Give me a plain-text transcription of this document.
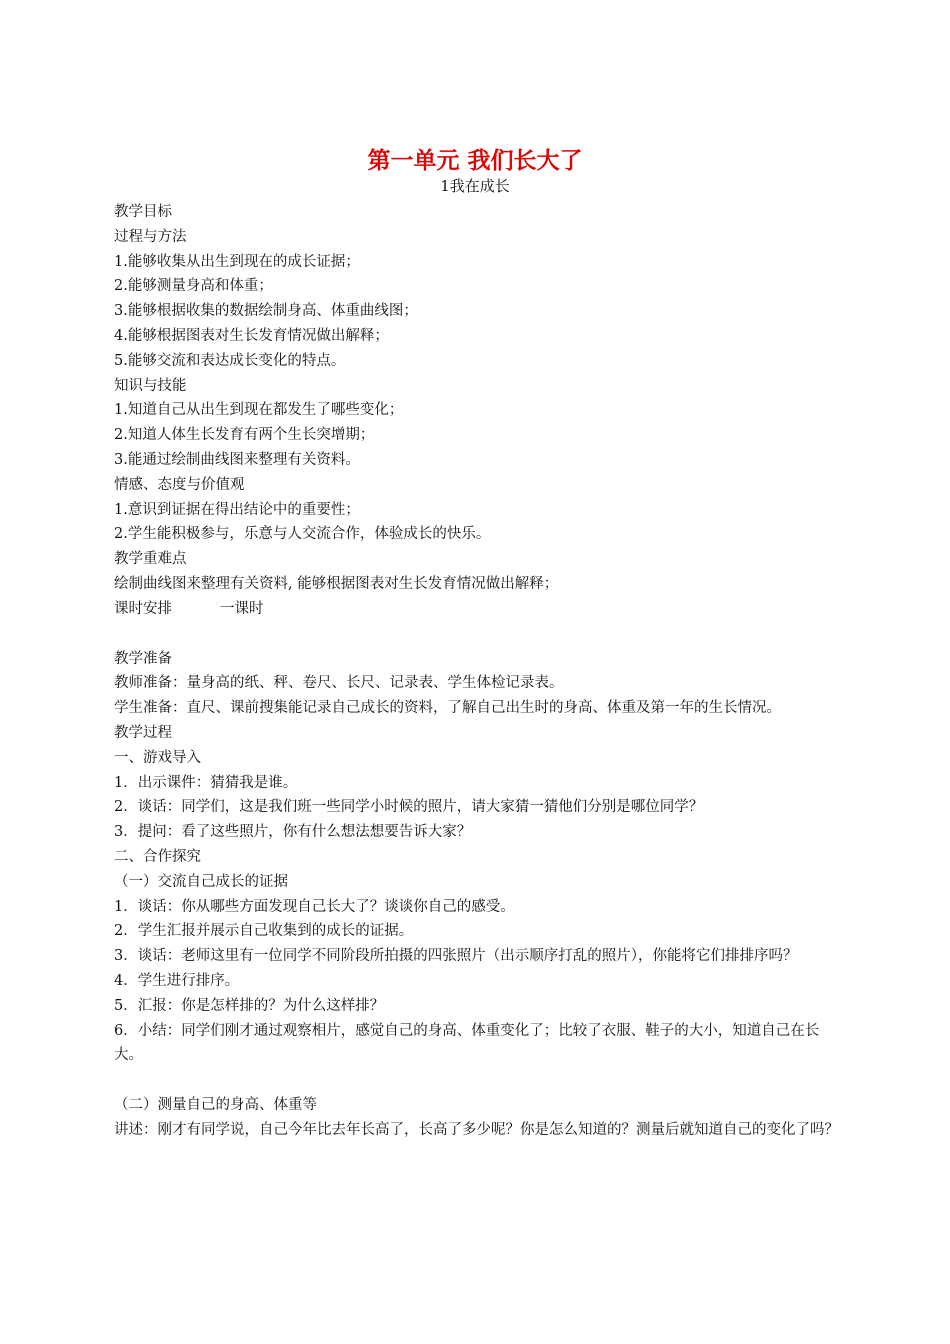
第一单元 我们长大了
1我在成长
教学目标
过程与方法
1.能够收集从出生到现在的成长证据；
2.能够测量身高和体重；
3.能够根据收集的数据绘制身高、体重曲线图；
4.能够根据图表对生长发育情况做出解释；
5.能够交流和表达成长变化的特点。
知识与技能
1.知道自己从出生到现在都发生了哪些变化；
2.知道人体生长发育有两个生长突增期；
3.能通过绘制曲线图来整理有关资料。
情感、态度与价值观
1.意识到证据在得出结论中的重要性；
2.学生能积极参与，乐意与人交流合作，体验成长的快乐。
教学重难点
绘制曲线图来整理有关资料, 能够根据图表对生长发育情况做出解释；
课时安排	一课时
教学准备
教师准备：量身高的纸、秤、卷尺、长尺、记录表、学生体检记录表。
学生准备：直尺、课前搜集能记录自己成长的资料，了解自己出生时的身高、体重及第一年的生长情况。
教学过程
一、游戏导入
1．出示课件：猜猜我是谁。
2．谈话：同学们，这是我们班一些同学小时候的照片，请大家猜一猜他们分别是哪位同学？
3．提问：看了这些照片，你有什么想法想要告诉大家？
二、合作探究
（一）交流自己成长的证据
1．谈话：你从哪些方面发现自己长大了？谈谈你自己的感受。
2．学生汇报并展示自己收集到的成长的证据。
3．谈话：老师这里有一位同学不同阶段所拍摄的四张照片（出示顺序打乱的照片），你能将它们排排序吗？
4．学生进行排序。
5．汇报：你是怎样排的？为什么这样排？
6．小结：同学们刚才通过观察相片，感觉自己的身高、体重变化了；比较了衣服、鞋子的大小，知道自己在长大。
（二）测量自己的身高、体重等
讲述：刚才有同学说，自己今年比去年长高了，长高了多少呢？你是怎么知道的？测量后就知道自己的变化了吗？
